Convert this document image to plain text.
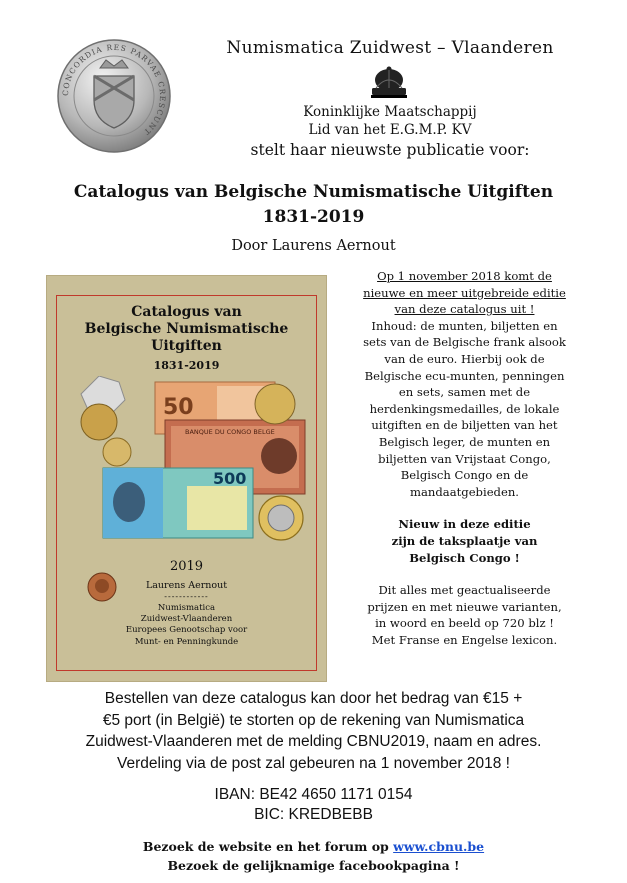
CONCORDIA RES PARVAE CRESCUNT
Numismatica Zuidwest – Vlaanderen
Koninklijke Maatschappij
Lid van het E.G.M.P. KV
stelt haar nieuwste publicatie voor:
Catalogus van Belgische Numismatische Uitgiften
1831-2019
Door Laurens Aernout
Catalogus van
Belgische Numismatische
Uitgiften
1831-2019
50
BANQUE DU CONGO BELGE
500
2019
Laurens Aernout
------------
Numismatica
Zuidwest-Vlaanderen
Europees Genootschap voor
Munt- en Penningkunde

Op 1 november 2018 komt de

nieuwe en meer uitgebreide editie

van deze catalogus uit !

Inhoud: de munten, biljetten en

sets van de Belgische frank alsook

van de euro. Hierbij ook de

Belgische ecu-munten, penningen

en sets, samen met de

herdenkingsmedailles, de lokale

uitgiften en de biljetten van het

Belgisch leger, de munten en

biljetten van Vrijstaat Congo,

Belgisch Congo en de

mandaatgebieden.

Nieuw in deze editie

zijn de taksplaatje van

Belgisch Congo !

Dit alles met geactualiseerde

prijzen en met nieuwe varianten,

in woord en beeld op 720 blz !

Met Franse en Engelse lexicon.

Bestellen van deze catalogus kan door het bedrag van €15 +

€5 port (in België) te storten op de rekening van Numismatica

Zuidwest-Vlaanderen met de melding CBNU2019, naam en adres.

Verdeling via de post zal gebeuren na 1 november 2018 !

IBAN: BE42 4650 1171 0154
BIC: KREDBEBB
Bezoek de website en het forum op www.cbnu.be
Bezoek de gelijknamige facebookpagina !
